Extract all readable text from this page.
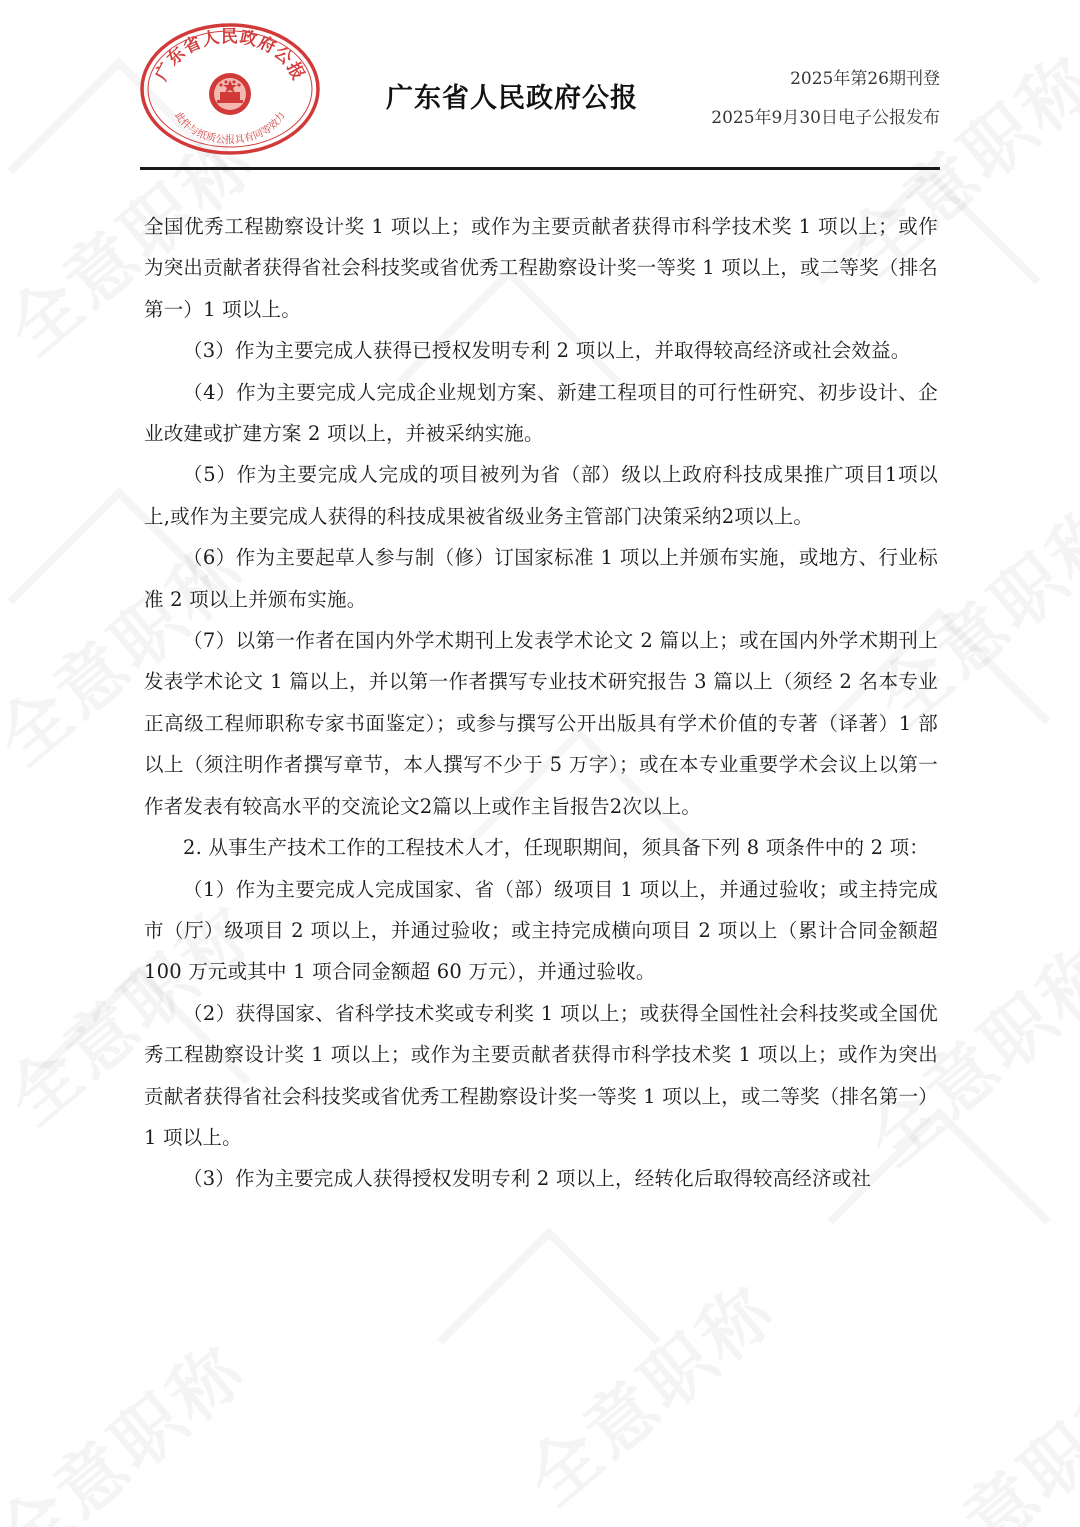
广东省人民政府公报
此件与纸质公报具有同等效力
广东省人民政府公报
2025年第26期刊登
2025年9月30日电子公报发布

全国优秀工程勘察设计奖 1 项以上；或作为主要贡献者获得市科学技术奖 1 项以上；或作为突出贡献者获得省社会科技奖或省优秀工程勘察设计奖一等奖 1 项以上，或二等奖（排名第一）1 项以上。

（3）作为主要完成人获得已授权发明专利 2 项以上，并取得较高经济或社会效益。

（4）作为主要完成人完成企业规划方案、新建工程项目的可行性研究、初步设计、企业改建或扩建方案 2 项以上，并被采纳实施。

（5）作为主要完成人完成的项目被列为省（部）级以上政府科技成果推广项目1项以上,或作为主要完成人获得的科技成果被省级业务主管部门决策采纳2项以上。

（6）作为主要起草人参与制（修）订国家标准 1 项以上并颁布实施，或地方、行业标准 2 项以上并颁布实施。

（7）以第一作者在国内外学术期刊上发表学术论文 2 篇以上；或在国内外学术期刊上发表学术论文 1 篇以上，并以第一作者撰写专业技术研究报告 3 篇以上（须经 2 名本专业正高级工程师职称专家书面鉴定）；或参与撰写公开出版具有学术价值的专著（译著）1 部以上（须注明作者撰写章节，本人撰写不少于 5 万字）；或在本专业重要学术会议上以第一作者发表有较高水平的交流论文2篇以上或作主旨报告2次以上。

2. 从事生产技术工作的工程技术人才，任现职期间，须具备下列 8 项条件中的 2 项：

（1）作为主要完成人完成国家、省（部）级项目 1 项以上，并通过验收；或主持完成市（厅）级项目 2 项以上，并通过验收；或主持完成横向项目 2 项以上（累计合同金额超 100 万元或其中 1 项合同金额超 60 万元），并通过验收。

（2）获得国家、省科学技术奖或专利奖 1 项以上；或获得全国性社会科技奖或全国优秀工程勘察设计奖 1 项以上；或作为主要贡献者获得市科学技术奖 1 项以上；或作为突出贡献者获得省社会科技奖或省优秀工程勘察设计奖一等奖 1 项以上，或二等奖（排名第一）1 项以上。

（3）作为主要完成人获得授权发明专利 2 项以上，经转化后取得较高经济或社
